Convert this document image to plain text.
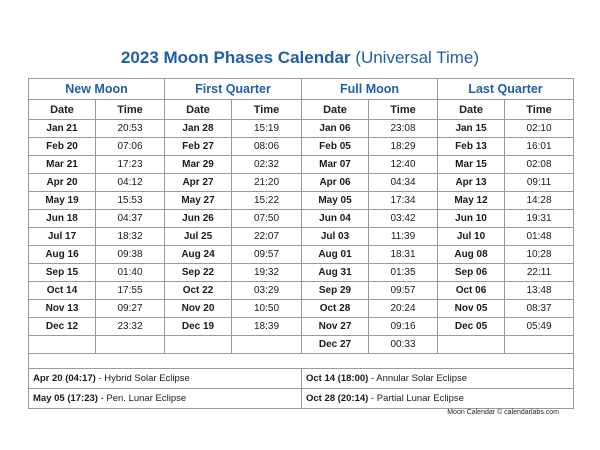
2023 Moon Phases Calendar (Universal Time)
New Moon		First Quarter		Full Moon		Last Quarter	
Date	Time	Date	Time	Date	Time	Date	Time
Jan 21	20:53	Jan 28	15:19	Jan 06	23:08	Jan 15	02:10
Feb 20	07:06	Feb 27	08:06	Feb 05	18:29	Feb 13	16:01
Mar 21	17:23	Mar 29	02:32	Mar 07	12:40	Mar 15	02:08
Apr 20	04:12	Apr 27	21:20	Apr 06	04:34	Apr 13	09:11
May 19	15:53	May 27	15:22	May 05	17:34	May 12	14:28
Jun 18	04:37	Jun 26	07:50	Jun 04	03:42	Jun 10	19:31
Jul 17	18:32	Jul 25	22:07	Jul 03	11:39	Jul 10	01:48
Aug 16	09:38	Aug 24	09:57	Aug 01	18:31	Aug 08	10:28
Sep 15	01:40	Sep 22	19:32	Aug 31	01:35	Sep 06	22:11
Oct 14	17:55	Oct 22	03:29	Sep 29	09:57	Oct 06	13:48
Nov 13	09:27	Nov 20	10:50	Oct 28	20:24	Nov 05	08:37
Dec 12	23:32	Dec 19	18:39	Nov 27	09:16	Dec 05	05:49
				Dec 27	00:33		

Apr 20 (04:17) - Hybrid Solar Eclipse				Oct 14 (18:00) - Annular Solar Eclipse			
May 05 (17:23) - Pen. Lunar Eclipse				Oct 28 (20:14) - Partial Lunar Eclipse			
Moon Calendar © calendarlabs.com
